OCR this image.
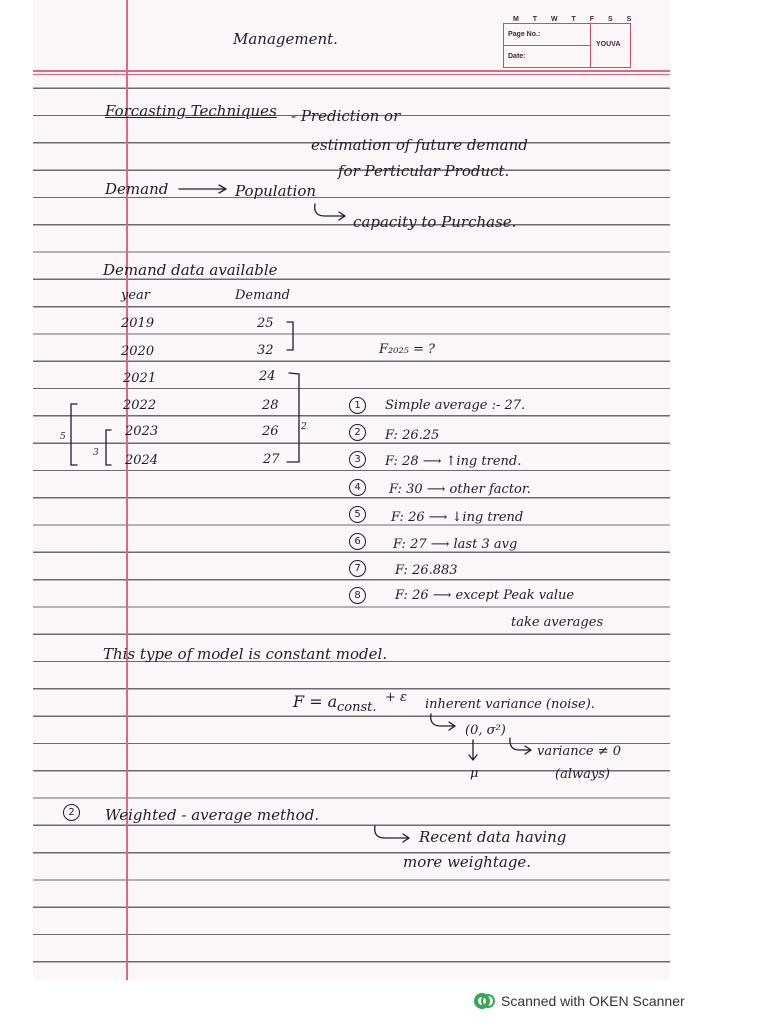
Management.
M T W T F S S
Page No.:
Date:
YOUVA
Forcasting Techniques - Prediction or
estimation of future demand
for Perticular Product.
Demand	Population
capacity to Purchase.
Demand data available
year	Demand
2019	25
2020	32
2021	24
2022	28
2023	26
2024	27
F₂₀₂₅ = ?
5
3
2
1	Simple average :- 27.
2	F: 26.25
3	F: 28 ⟶ ↑ing trend.
4	F: 30 ⟶ other factor.
5	F: 26 ⟶ ↓ing trend
6	F: 27 ⟶ last 3 avg
7	F: 26.883
8	F: 26 ⟶ except Peak value
take averages
This type of model is constant model.
F = a const.
+ ε inherent variance (noise).
(0, σ²)
variance ≠ 0
μ	(always)
2	Weighted - average method.
Recent data having
more weightage.
Scanned with OKEN Scanner
